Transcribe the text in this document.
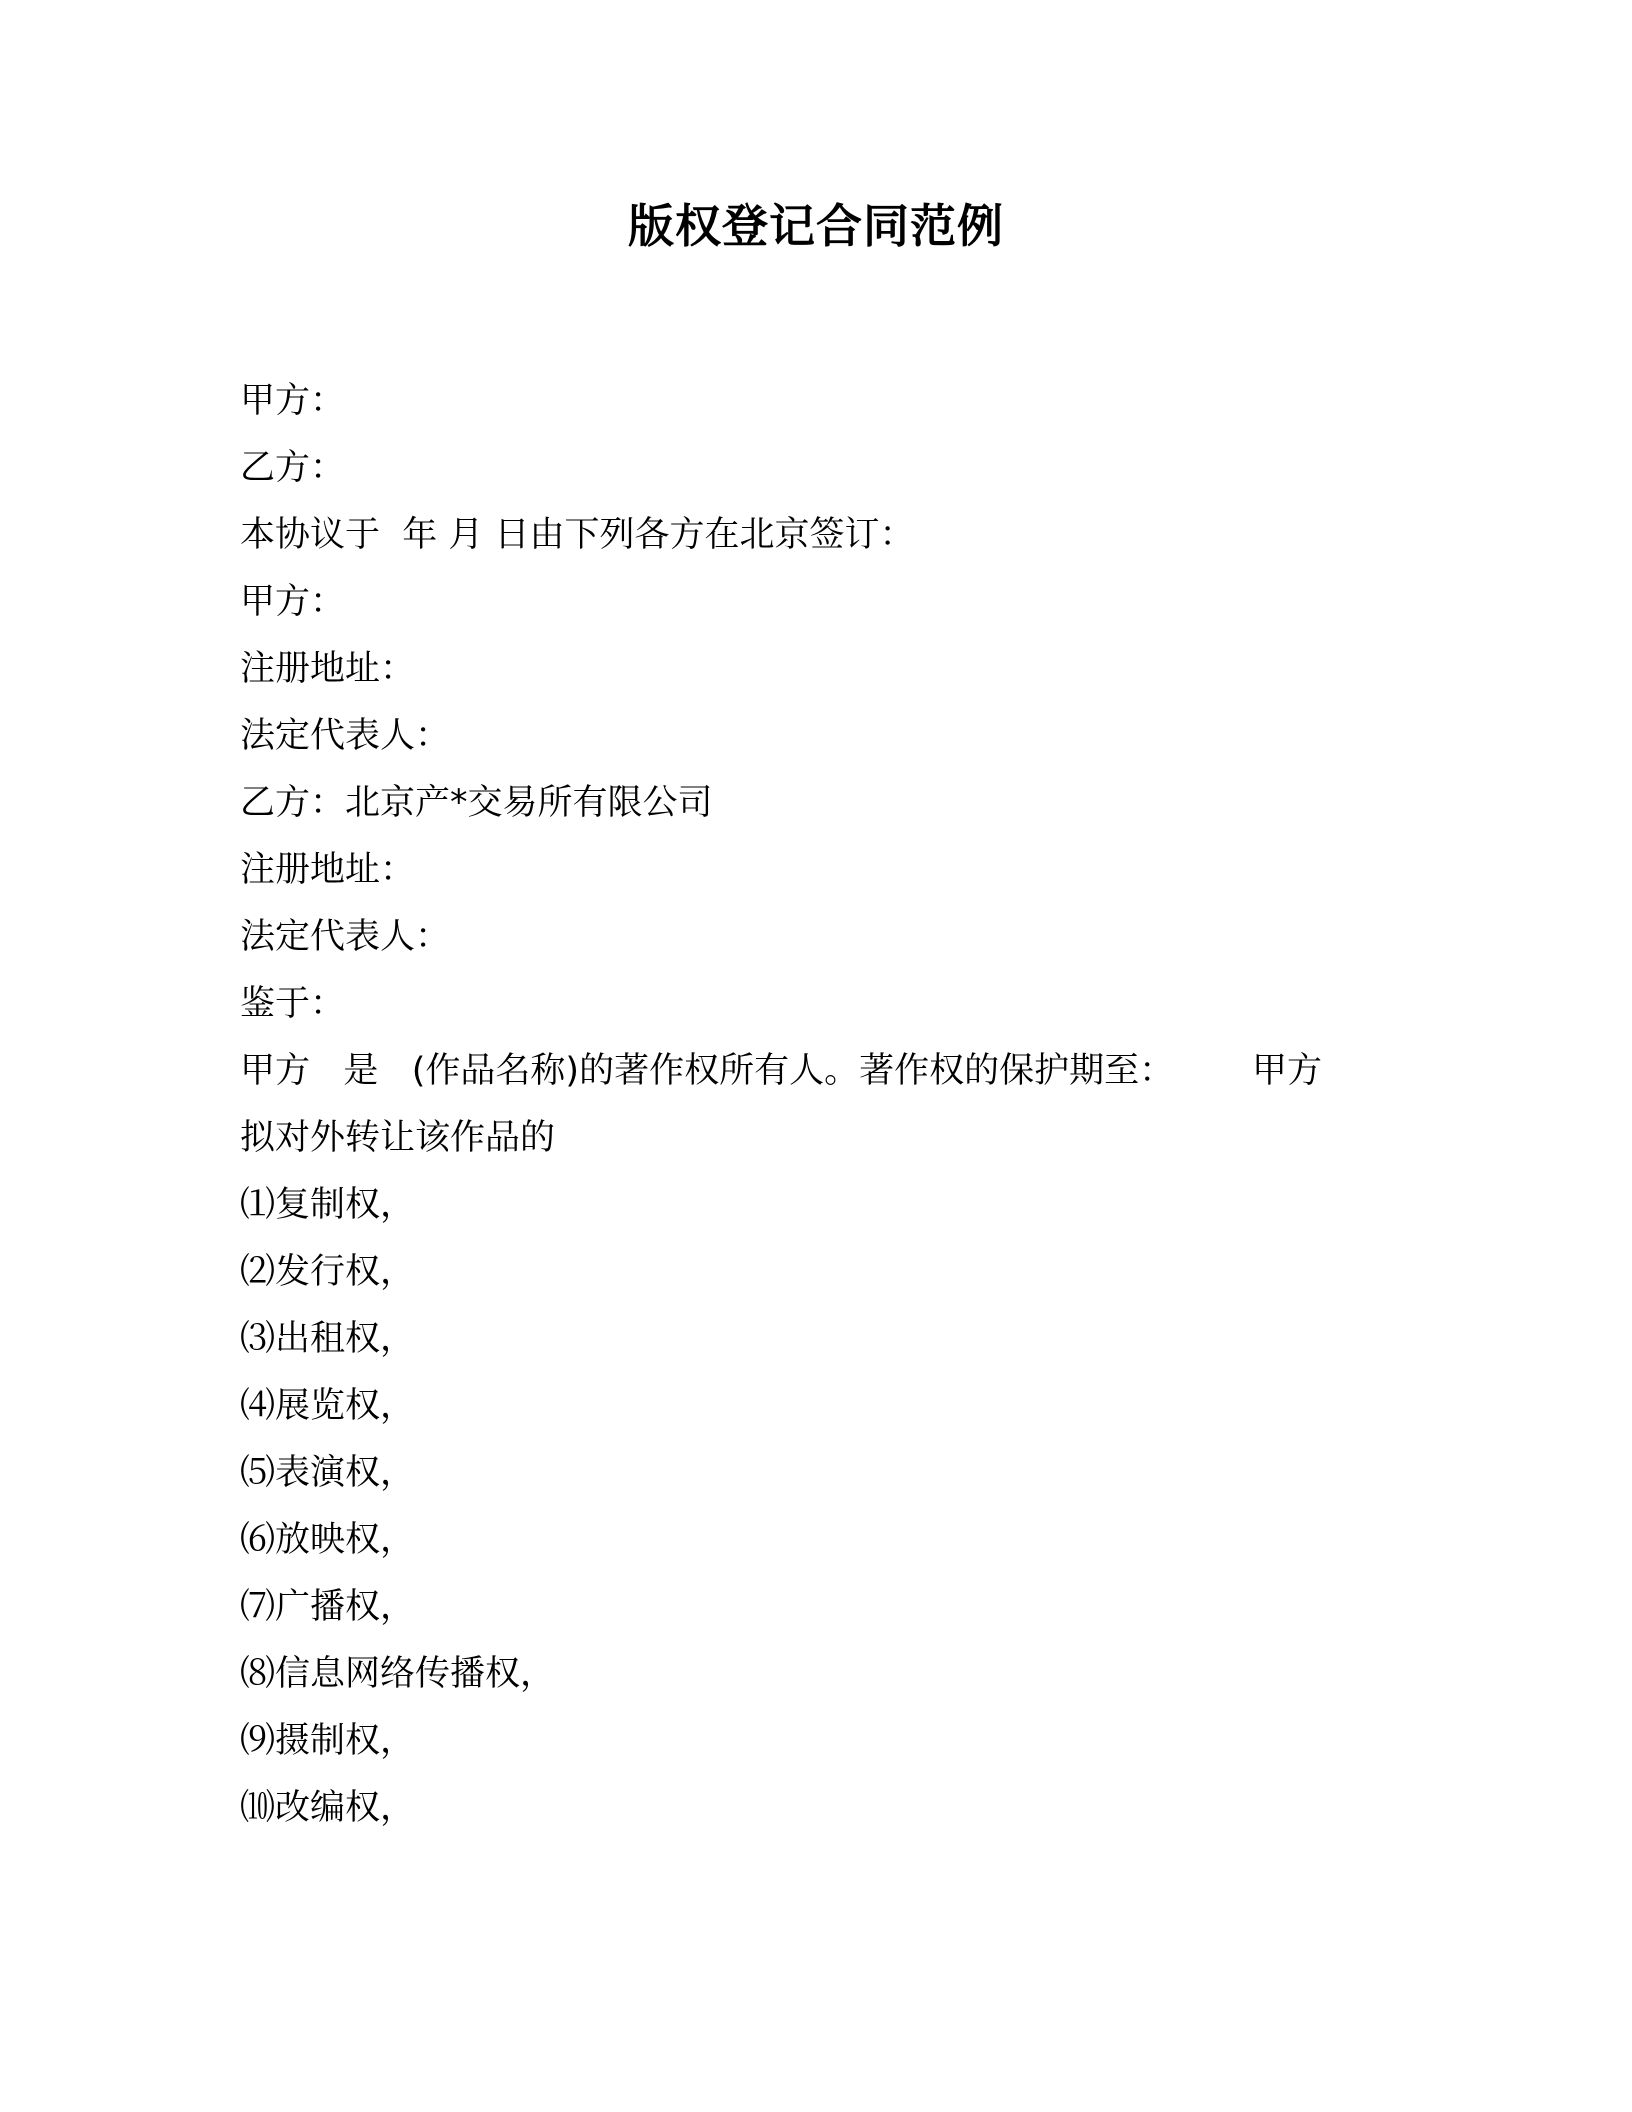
版权登记合同范例

甲方：

乙方：

本协议于  年 月 日由下列各方在北京签订：

甲方：

注册地址：

法定代表人：

乙方：北京产*交易所有限公司

注册地址：

法定代表人：

鉴于：

甲方   是   (作品名称)的著作权所有人。著作权的保护期至：       甲方

拟对外转让该作品的

⑴复制权，

⑵发行权，

⑶出租权，

⑷展览权，

⑸表演权，

⑹放映权，

⑺广播权，

⑻信息网络传播权，

⑼摄制权，

⑽改编权，
